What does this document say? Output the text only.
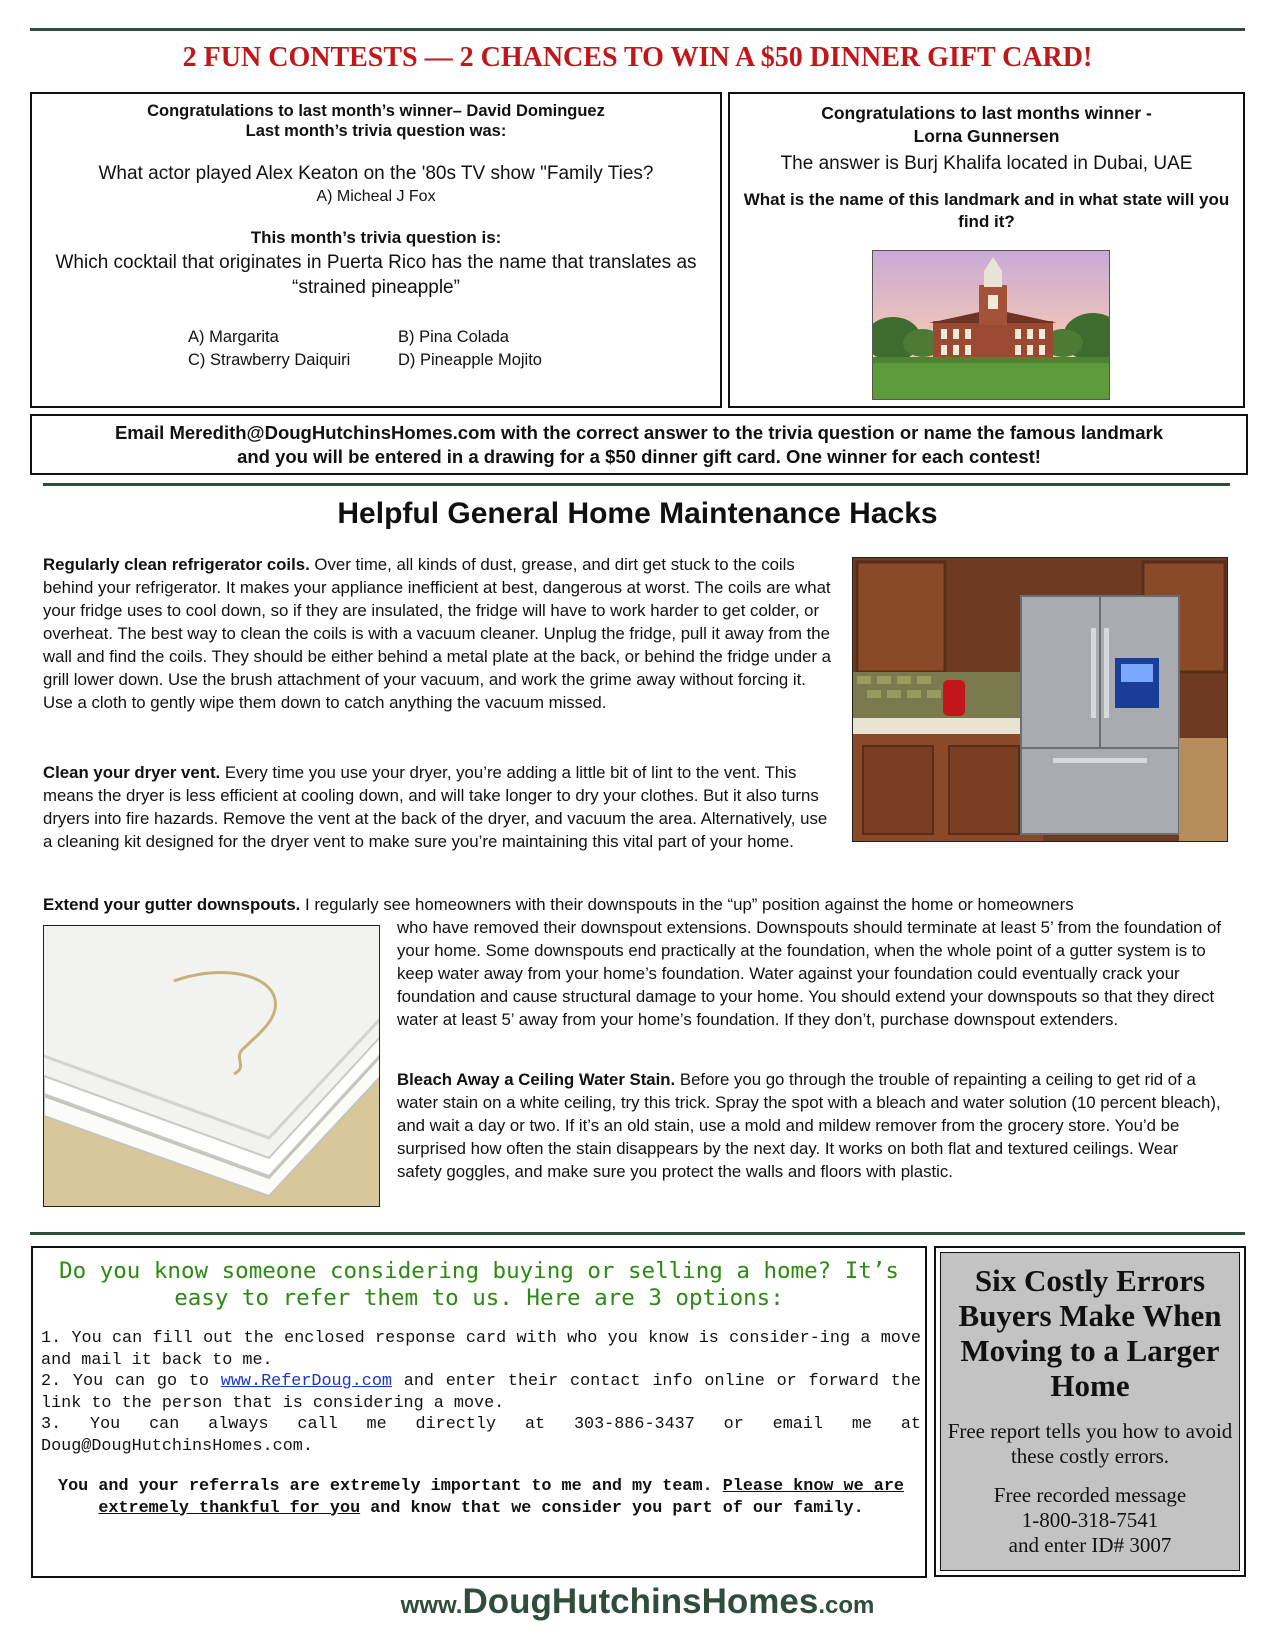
2 FUN CONTESTS — 2 CHANCES TO WIN A $50 DINNER GIFT CARD!
Congratulations to last month’s winner– David Dominguez
Last month’s trivia question was:
What actor played Alex Keaton on the '80s TV show "Family Ties?
A) Micheal J Fox
This month’s trivia question is:
Which cocktail that originates in Puerta Rico has the name that translates as “strained pineapple”
A) Margarita	B) Pina Colada
C) Strawberry Daiquiri	D) Pineapple Mojito
Congratulations to last months winner -
Lorna Gunnersen
The answer is Burj Khalifa located in Dubai, UAE
What is the name of this landmark and in what state will you find it?
Email Meredith@DougHutchinsHomes.com with the correct answer to the trivia question or name the famous landmark
and you will be entered in a drawing for a $50 dinner gift card. One winner for each contest!
Helpful General Home Maintenance Hacks
Regularly clean refrigerator coils. Over time, all kinds of dust, grease, and dirt get stuck to the coils behind your refrigerator. It makes your appliance inefficient at best, dangerous at worst. The coils are what your fridge uses to cool down, so if they are insulated, the fridge will have to work harder to get colder, or overheat. The best way to clean the coils is with a vacuum cleaner. Unplug the fridge, pull it away from the wall and find the coils. They should be either behind a metal plate at the back, or behind the fridge under a grill lower down. Use the brush attachment of your vacuum, and work the grime away without forcing it. Use a cloth to gently wipe them down to catch anything the vacuum missed.
Clean your dryer vent. Every time you use your dryer, you’re adding a little bit of lint to the vent. This means the dryer is less efficient at cooling down, and will take longer to dry your clothes. But it also turns dryers into fire hazards. Remove the vent at the back of the dryer, and vacuum the area. Alternatively, use a cleaning kit designed for the dryer vent to make sure you’re maintaining this vital part of your home.
Extend your gutter downspouts. I regularly see homeowners with their downspouts in the “up” position against the home or homeowners
who have removed their downspout extensions. Downspouts should terminate at least 5’ from the foundation of your home. Some downspouts end practically at the foundation, when the whole point of a gutter system is to keep water away from your home’s foundation. Water against your foundation could eventually crack your foundation and cause structural damage to your home. You should extend your downspouts so that they direct water at least 5’ away from your home’s foundation. If they don’t, purchase downspout extenders.
Bleach Away a Ceiling Water Stain. Before you go through the trouble of repainting a ceiling to get rid of a water stain on a white ceiling, try this trick. Spray the spot with a bleach and water solution (10 percent bleach), and wait a day or two. If it’s an old stain, use a mold and mildew remover from the grocery store. You’d be surprised how often the stain disappears by the next day. It works on both flat and textured ceilings. Wear safety goggles, and make sure you protect the walls and floors with plastic.
Do you know someone considering buying or selling a home? It’s easy to refer them to us. Here are 3 options:
1. You can fill out the enclosed response card with who you know is consider-ing a move and mail it back to me.
2. You can go to www.ReferDoug.com and enter their contact info online or forward the link to the person that is considering a move.
3. You can always call me directly at 303-886-3437 or email me at Doug@DougHutchinsHomes.com.
You and your referrals are extremely important to me and my team. Please know we are extremely thankful for you and know that we consider you part of our family.
Six Costly Errors Buyers Make When Moving to a Larger Home
Free report tells you how to avoid these costly errors.
Free recorded message
1-800-318-7541
and enter ID# 3007
www.DougHutchinsHomes.com
